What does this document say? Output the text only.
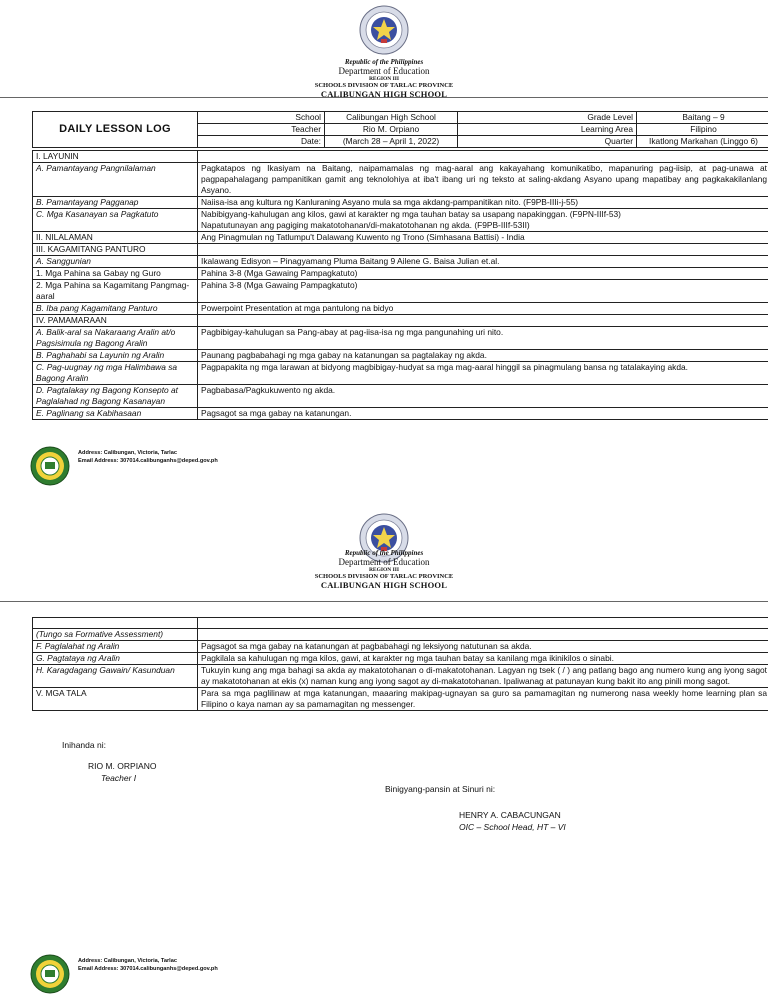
Republic of the Philippines
Department of Education
REGION III
SCHOOLS DIVISION OF TARLAC PROVINCE
CALIBUNGAN HIGH SCHOOL
DAILY LESSON LOG	School	Calibungan High School	Grade Level	Baitang – 9
	Teacher	Rio M. Orpiano	Learning Area	Filipino
	Date:	(March 28 – April 1, 2022)	Quarter	Ikatlong Markahan (Linggo 6)
I. LAYUNIN	
A. Pamantayang Pangnilalaman	Pagkatapos ng Ikasiyam na Baitang, naipamamalas ng mag-aaral ang kakayahang komunikatibo, mapanuring pag-iisip, at pag-unawa at pagpapahalagang pampanitikan gamit ang teknolohiya at iba't ibang uri ng teksto at saling-akdang Asyano upang mapatibay ang pagkakakilanlang Asyano.
B. Pamantayang Pagganap	Naiisa-isa ang kultura ng Kanluraning Asyano mula sa mga akdang-pampanitikan nito. (F9PB-IIIi-j-55)
C. Mga Kasanayan sa Pagkatuto	Nabibigyang-kahulugan ang kilos, gawi at karakter ng mga tauhan batay sa usapang napakinggan. (F9PN-IIIf-53)
Napatutunayan ang pagiging makatotohanan/di-makatotohanan ng akda. (F9PB-IIIf-53II)
II. NILALAMAN	Ang Pinagmulan ng Tatlumpu't Dalawang Kuwento ng Trono (Simhasana Battisi) - India
III. KAGAMITANG PANTURO	
A. Sanggunian	Ikalawang Edisyon – Pinagyamang Pluma Baitang 9 Ailene G. Baisa Julian et.al.
1. Mga Pahina sa Gabay ng Guro	Pahina 3-8 (Mga Gawaing Pampagkatuto)
2. Mga Pahina sa Kagamitang Pangmag-aaral	Pahina 3-8 (Mga Gawaing Pampagkatuto)
B. Iba pang Kagamitang Panturo	Powerpoint Presentation at mga pantulong na bidyo
IV. PAMAMARAAN	
A. Balik-aral sa Nakaraang Aralin at/o Pagsisimula ng Bagong Aralin	Pagbibigay-kahulugan sa Pang-abay at pag-iisa-isa ng mga pangunahing uri nito.
B. Paghahabi sa Layunin ng Aralin	Paunang pagbabahagi ng mga gabay na katanungan sa pagtalakay ng akda.
C. Pag-uugnay ng mga Halimbawa sa Bagong Aralin	Pagpapakita ng mga larawan at bidyong magbibigay-hudyat sa mga mag-aaral hinggil sa pinagmulang bansa ng tatalakaying akda.
D. Pagtalakay ng Bagong Konsepto at Paglalahad ng Bagong Kasanayan	Pagbabasa/Pagkukuwento ng akda.
E. Paglinang sa Kabihasaan	Pagsagot sa mga gabay na katanungan.
Address: Calibungan, Victoria, Tarlac
Email Address: 307014.calibunganhs@deped.gov.ph
Republic of the Philippines
Department of Education
REGION III
SCHOOLS DIVISION OF TARLAC PROVINCE
CALIBUNGAN HIGH SCHOOL

(Tungo sa Formative Assessment)	
F. Paglalahat ng Aralin	Pagsagot sa mga gabay na katanungan at pagbabahagi ng leksiyong natutunan sa akda.
G. Pagtataya ng Aralin	Pagkilala sa kahulugan ng mga kilos, gawi, at karakter ng mga tauhan batay sa kanilang mga ikinikilos o sinabi.
H. Karagdagang Gawain/ Kasunduan	Tukuyin kung ang mga bahagi sa akda ay makatotohanan o di-makatotohanan. Lagyan ng tsek ( / ) ang patlang bago ang numero kung ang iyong sagot ay makatotohanan at ekis (x) naman kung ang iyong sagot ay di-makatotohanan. Ipaliwanag at patunayan kung bakit ito ang pinili mong sagot.
V. MGA TALA	Para sa mga paglilinaw at mga katanungan, maaaring makipag-ugnayan sa guro sa pamamagitan ng numerong nasa weekly home learning plan sa Filipino o kaya naman ay sa pamamagitan ng messenger.
Inihanda ni:
RIO M. ORPIANO
Teacher I
Binigyang-pansin at Sinuri ni:
HENRY A. CABACUNGAN
OIC – School Head, HT – VI
Address: Calibungan, Victoria, Tarlac
Email Address: 307014.calibunganhs@deped.gov.ph
